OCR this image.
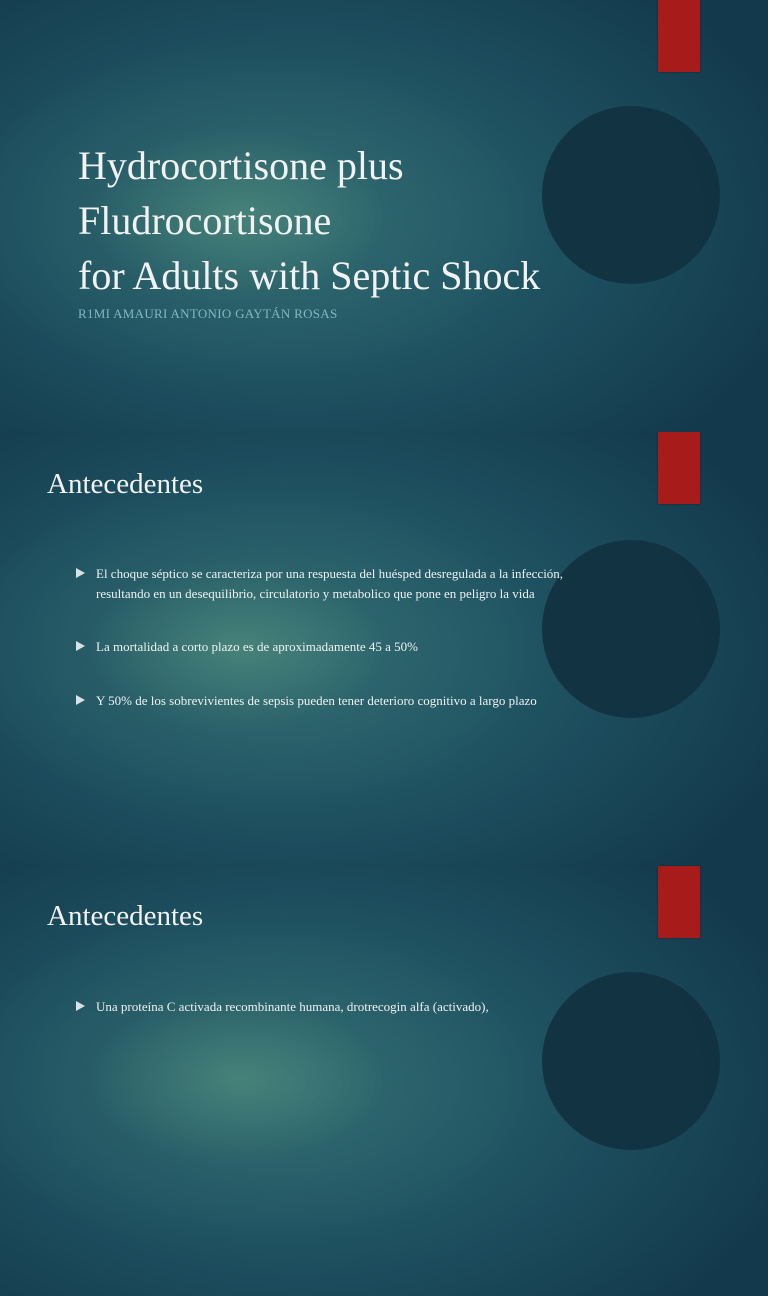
Hydrocortisone plus
Fludrocortisone
for Adults with Septic Shock
R1MI AMAURI ANTONIO GAYTÁN ROSAS
Antecedentes
El choque séptico se caracteriza por una respuesta del huésped desregulada a la infección, resultando en un desequilibrio, circulatorio y metabolico que pone en peligro la vida
La mortalidad a corto plazo es de aproximadamente 45 a 50%
Y 50% de los sobrevivientes de sepsis pueden tener deterioro cognitivo a largo plazo
Antecedentes
Una proteína C activada recombinante humana, drotrecogin alfa (activado),
